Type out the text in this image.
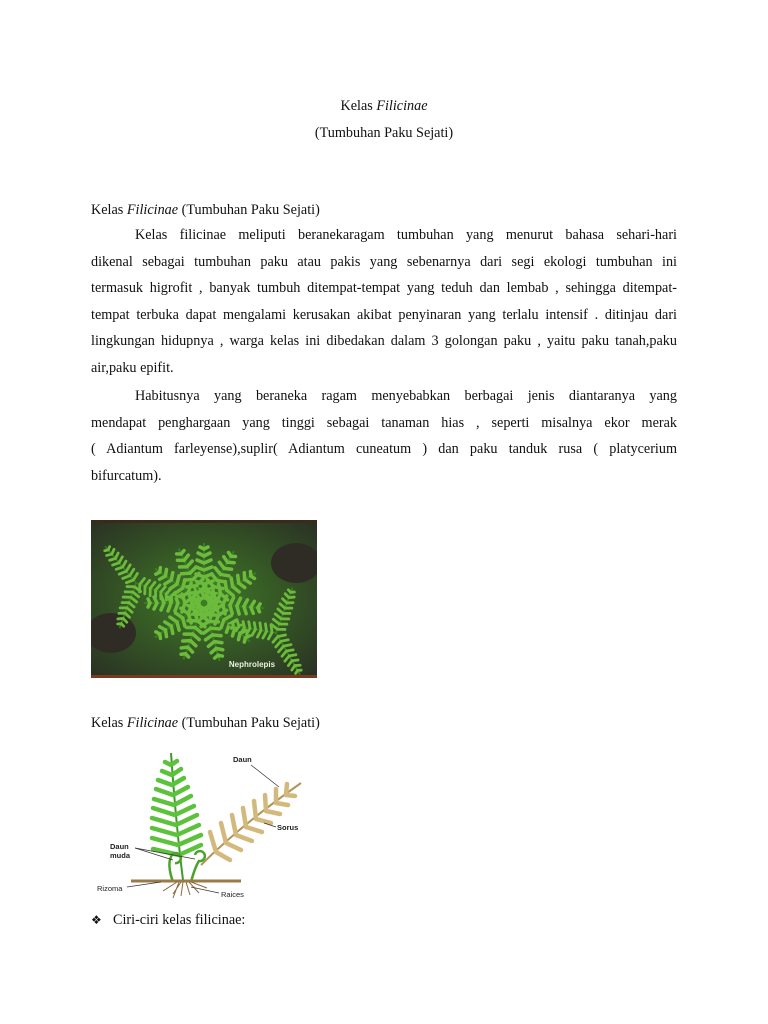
Kelas Filicinae
(Tumbuhan Paku Sejati)
Kelas Filicinae (Tumbuhan Paku Sejati)
Kelas filicinae meliputi beranekaragam tumbuhan yang menurut bahasa sehari-hari
dikenal sebagai tumbuhan paku atau pakis yang sebenarnya dari segi ekologi tumbuhan ini
termasuk higrofit , banyak tumbuh ditempat-tempat yang teduh dan lembab , sehingga ditempat-
tempat terbuka dapat mengalami kerusakan akibat penyinaran yang terlalu intensif . ditinjau dari
lingkungan hidupnya , warga kelas ini dibedakan dalam 3 golongan paku , yaitu paku tanah,paku
air,paku epifit.
Habitusnya yang beraneka ragam menyebabkan berbagai jenis diantaranya yang
mendapat penghargaan yang tinggi sebagai tanaman hias , seperti misalnya ekor merak
( Adiantum farleyense),suplir( Adiantum cuneatum ) dan paku tanduk rusa ( platycerium
bifurcatum).
Nephrolepis
Kelas Filicinae (Tumbuhan Paku Sejati)
Daun
Sorus
Daun
muda
Rizoma
Raices
❖ Ciri-ciri kelas filicinae:
